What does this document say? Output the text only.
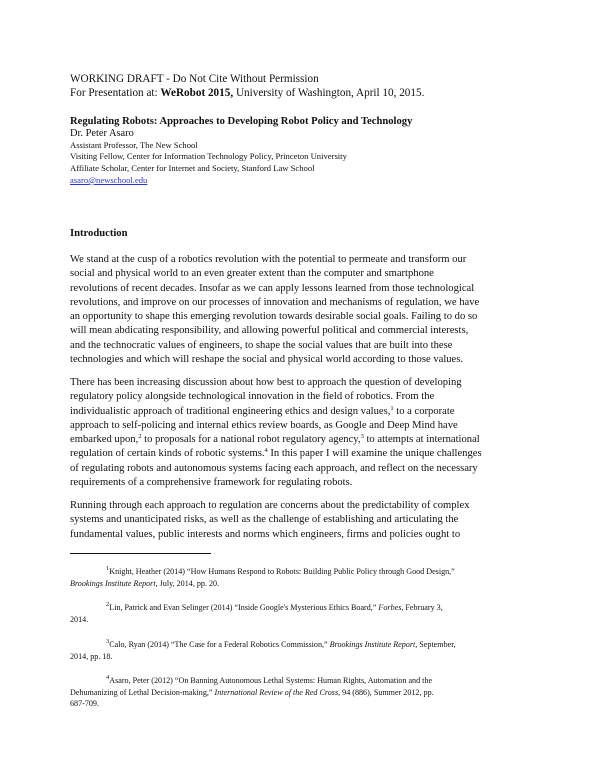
WORKING DRAFT - Do Not Cite Without Permission
For Presentation at: WeRobot 2015, University of Washington, April 10, 2015.
Regulating Robots: Approaches to Developing Robot Policy and Technology
Dr. Peter Asaro
Assistant Professor, The New School
Visiting Fellow, Center for Information Technology Policy, Princeton University
Affiliate Scholar, Center for Internet and Society, Stanford Law School
asaro@newschool.edu
Introduction
We stand at the cusp of a robotics revolution with the potential to permeate and transform our
social and physical world to an even greater extent than the computer and smartphone
revolutions of recent decades. Insofar as we can apply lessons learned from those technological
revolutions, and improve on our processes of innovation and mechanisms of regulation, we have
an opportunity to shape this emerging revolution towards desirable social goals. Failing to do so
will mean abdicating responsibility, and allowing powerful political and commercial interests,
and the technocratic values of engineers, to shape the social values that are built into these
technologies and which will reshape the social and physical world according to those values.
There has been increasing discussion about how best to approach the question of developing
regulatory policy alongside technological innovation in the field of robotics. From the
individualistic approach of traditional engineering ethics and design values,$^1$ to a corporate
approach to self-policing and internal ethics review boards, as Google and Deep Mind have
embarked upon,$^2$ to proposals for a national robot regulatory agency,$^3$ to attempts at international
regulation of certain kinds of robotic systems.$^4$ In this paper I will examine the unique challenges
of regulating robots and autonomous systems facing each approach, and reflect on the necessary
requirements of a comprehensive framework for regulating robots.
Running through each approach to regulation are concerns about the predictability of complex
systems and unanticipated risks, as well as the challenge of establishing and articulating the
fundamental values, public interests and norms which engineers, firms and policies ought to
$^1$Knight, Heather (2014) “How Humans Respond to Robots: Building Public Policy through Good Design,”
Brookings Institute Report, July, 2014, pp. 20.
$^2$Lin, Patrick and Evan Selinger (2014) “Inside Google's Mysterious Ethics Board,” Forbes, February 3,
2014.
$^3$Calo, Ryan (2014) “The Case for a Federal Robotics Commission,” Brookings Institute Report, September,
2014, pp. 18.
$^4$Asaro, Peter (2012) “On Banning Autonomous Lethal Systems: Human Rights, Automation and the
Dehumanizing of Lethal Decision-making,” International Review of the Red Cross, 94 (886), Summer 2012, pp.
687-709.
